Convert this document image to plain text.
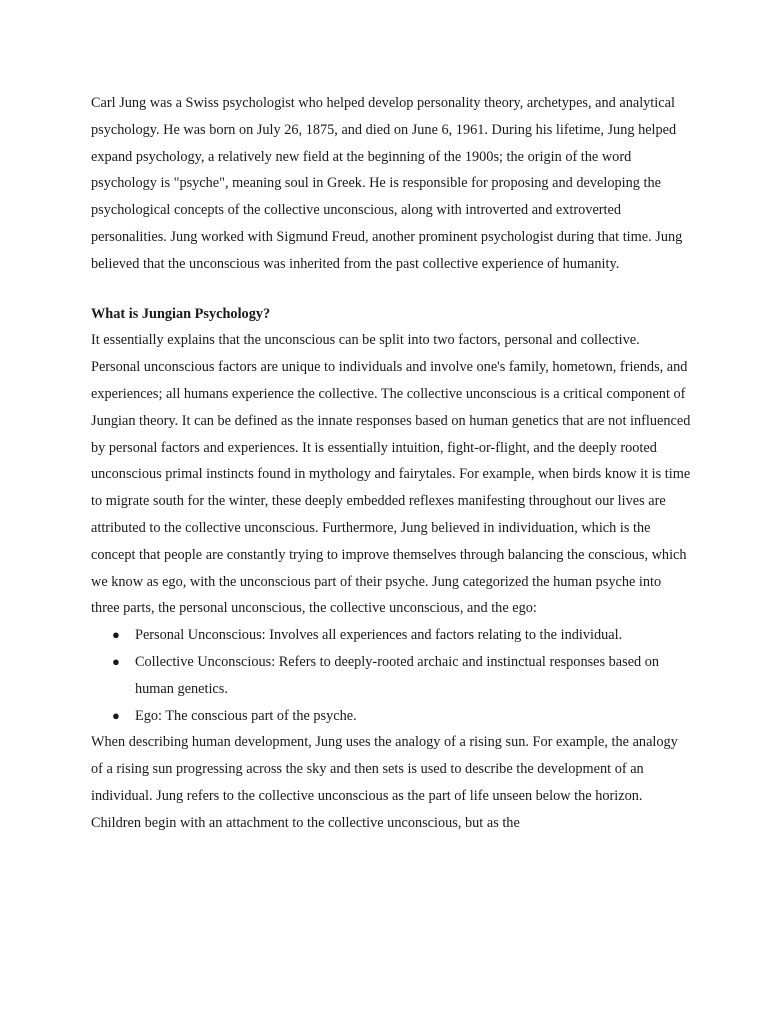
Carl Jung was a Swiss psychologist who helped develop personality theory, archetypes, and analytical psychology. He was born on July 26, 1875, and died on June 6, 1961. During his lifetime, Jung helped expand psychology, a relatively new field at the beginning of the 1900s; the origin of the word psychology is "psyche", meaning soul in Greek. He is responsible for proposing and developing the psychological concepts of the collective unconscious, along with introverted and extroverted personalities. Jung worked with Sigmund Freud, another prominent psychologist during that time. Jung believed that the unconscious was inherited from the past collective experience of humanity.

What is Jungian Psychology?

It essentially explains that the unconscious can be split into two factors, personal and collective. Personal unconscious factors are unique to individuals and involve one's family, hometown, friends, and experiences; all humans experience the collective. The collective unconscious is a critical component of Jungian theory. It can be defined as the innate responses based on human genetics that are not influenced by personal factors and experiences. It is essentially intuition, fight-or-flight, and the deeply rooted unconscious primal instincts found in mythology and fairytales. For example, when birds know it is time to migrate south for the winter, these deeply embedded reflexes manifesting throughout our lives are attributed to the collective unconscious. Furthermore, Jung believed in individuation, which is the concept that people are constantly trying to improve themselves through balancing the conscious, which we know as ego, with the unconscious part of their psyche. Jung categorized the human psyche into three parts, the personal unconscious, the collective unconscious, and the ego:

● Personal Unconscious: Involves all experiences and factors relating to the individual.
● Collective Unconscious: Refers to deeply-rooted archaic and instinctual responses based on human genetics.
● Ego: The conscious part of the psyche.

When describing human development, Jung uses the analogy of a rising sun. For example, the analogy of a rising sun progressing across the sky and then sets is used to describe the development of an individual. Jung refers to the collective unconscious as the part of life unseen below the horizon. Children begin with an attachment to the collective unconscious, but as the
